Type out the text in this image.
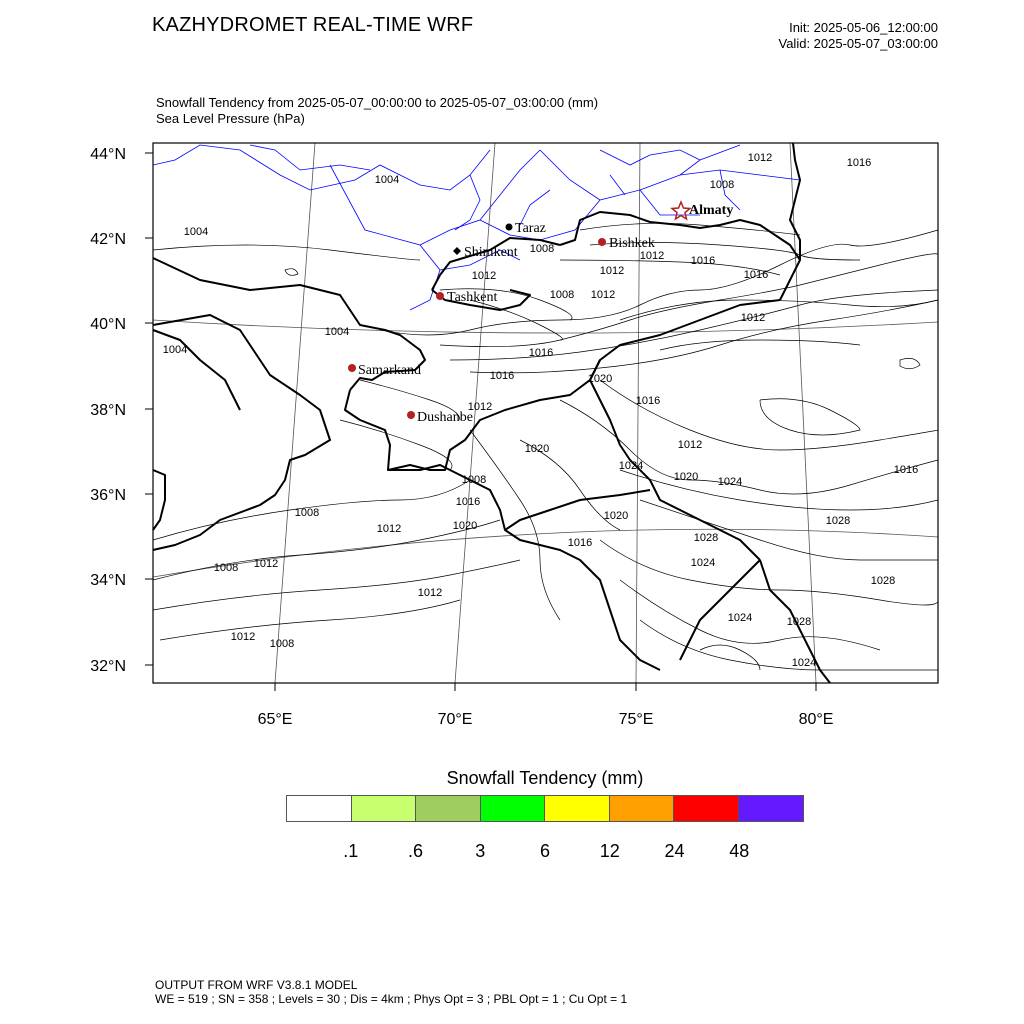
44°N
42°N
40°N
38°N
36°N
34°N
32°N
65°E	70°E	75°E	80°E
1004
1004
1004
1004
1008
1008
1008
1008
1008
1008
1008
1012
1012
1012
1012
1012
1012
1012
1012
1012
1012
1012
1012
1016
1016
1016
1016
1016
1016
1016
1016
1016
1020
1020
1020
1020
1020
1024
1024
1024
1024
1024
1028
1028
1028
1028
Almaty
Bishkek
Taraz
Shimkent
Tashkent
Samarkand
Dushanbe
KAZHYDROMET REAL-TIME WRF	Init: 2025-05-06_12:00:00
Valid: 2025-05-07_03:00:00
Snowfall Tendency from 2025-05-07_00:00:00 to 2025-05-07_03:00:00 (mm)
Sea Level Pressure (hPa)
Snowfall Tendency (mm)
.1	.6	3	6	12	24	48
OUTPUT FROM WRF V3.8.1 MODEL
WE = 519 ; SN = 358 ; Levels = 30 ; Dis = 4km ; Phys Opt = 3 ; PBL Opt = 1 ; Cu Opt = 1
